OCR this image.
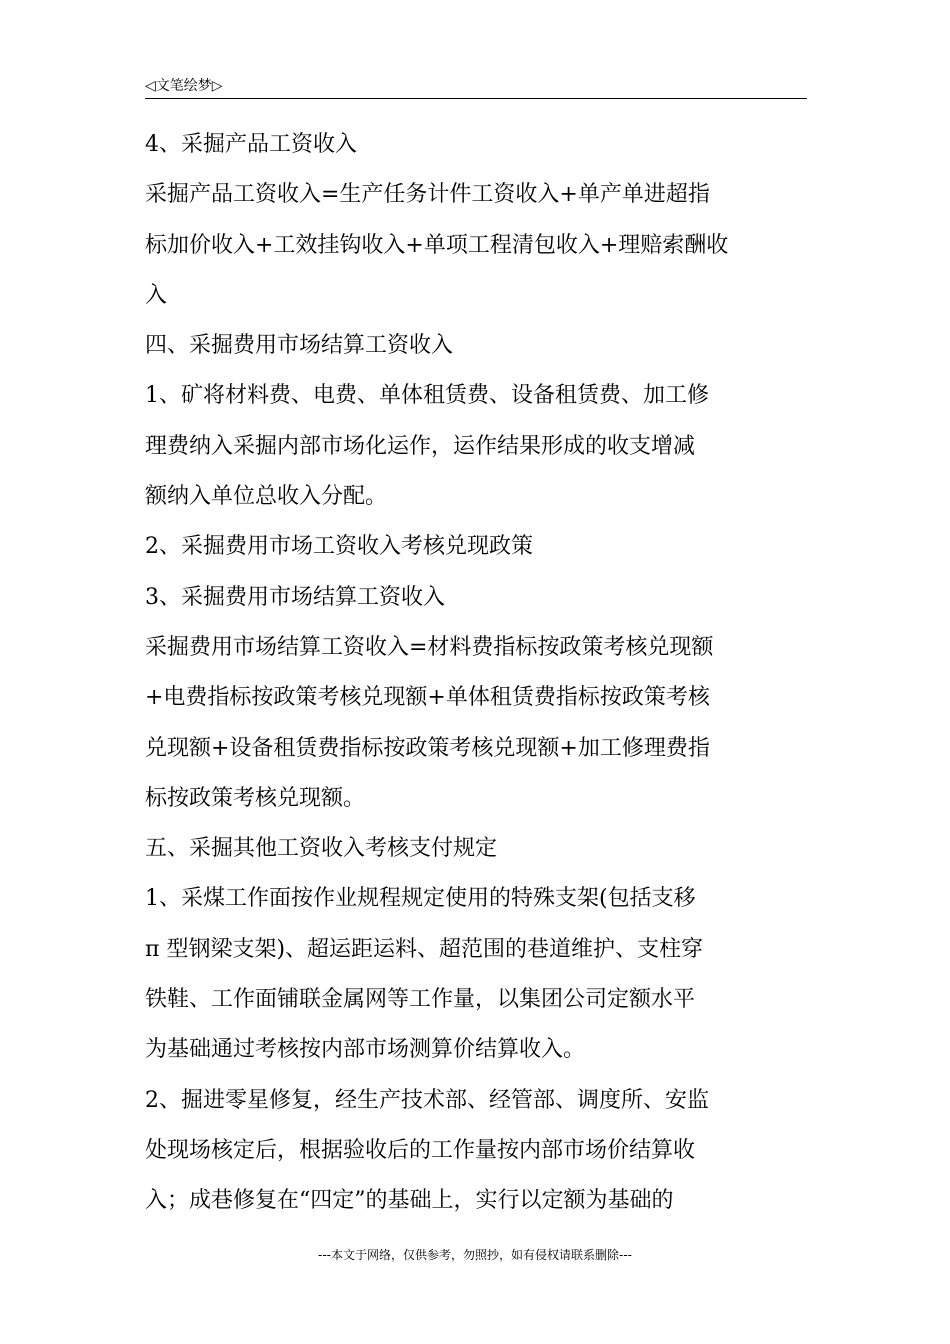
◁文笔绘梦▷

4、采掘产品工资收入

采掘产品工资收入=生产任务计件工资收入+单产单进超指

标加价收入+工效挂钩收入+单项工程清包收入+理赔索酬收

入

四、采掘费用市场结算工资收入

1、矿将材料费、电费、单体租赁费、设备租赁费、加工修

理费纳入采掘内部市场化运作，运作结果形成的收支增减

额纳入单位总收入分配。

2、采掘费用市场工资收入考核兑现政策

3、采掘费用市场结算工资收入

采掘费用市场结算工资收入=材料费指标按政策考核兑现额

+电费指标按政策考核兑现额+单体租赁费指标按政策考核

兑现额+设备租赁费指标按政策考核兑现额+加工修理费指

标按政策考核兑现额。

五、采掘其他工资收入考核支付规定

1、采煤工作面按作业规程规定使用的特殊支架(包括支移

π 型钢梁支架)、超运距运料、超范围的巷道维护、支柱穿

铁鞋、工作面铺联金属网等工作量，以集团公司定额水平

为基础通过考核按内部市场测算价结算收入。

2、掘进零星修复，经生产技术部、经管部、调度所、安监

处现场核定后，根据验收后的工作量按内部市场价结算收

入；成巷修复在“四定”的基础上，实行以定额为基础的

---本文于网络，仅供参考，勿照抄，如有侵权请联系删除---
